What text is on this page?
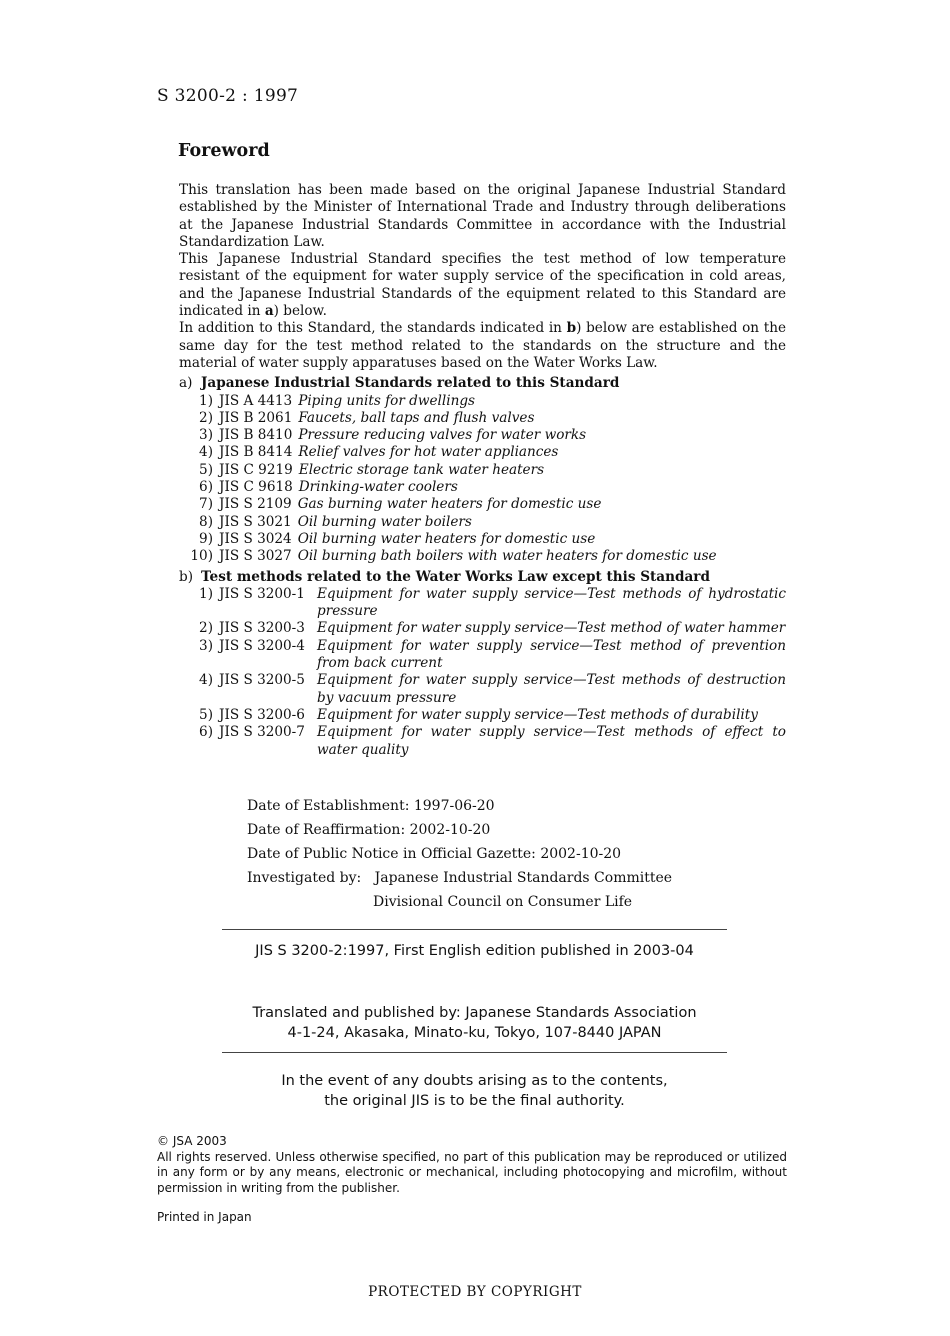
S 3200-2 : 1997
Foreword

This translation has been made based on the original Japanese Industrial Standard established by the Minister of International Trade and Industry through deliberations at the Japanese Industrial Standards Committee in accordance with the Industrial Standardization Law.

This Japanese Industrial Standard specifies the test method of low temperature resistant of the equipment for water supply service of the specification in cold areas, and the Japanese Industrial Standards of the equipment related to this Standard are indicated in a) below.

In addition to this Standard, the standards indicated in b) below are established on the same day for the test method related to the standards on the structure and the material of water supply apparatuses based on the Water Works Law.

a) Japanese Industrial Standards related to this Standard
1) JIS A 4413 Piping units for dwellings
2) JIS B 2061 Faucets, ball taps and flush valves
3) JIS B 8410 Pressure reducing valves for water works
4) JIS B 8414 Relief valves for hot water appliances
5) JIS C 9219 Electric storage tank water heaters
6) JIS C 9618 Drinking-water coolers
7) JIS S 2109 Gas burning water heaters for domestic use
8) JIS S 3021 Oil burning water boilers
9) JIS S 3024 Oil burning water heaters for domestic use
10) JIS S 3027 Oil burning bath boilers with water heaters for domestic use
b) Test methods related to the Water Works Law except this Standard
1) JIS S 3200-1 Equipment for water supply service—Test methods of hydrostatic pressure
2) JIS S 3200-3 Equipment for water supply service—Test method of water hammer
3) JIS S 3200-4 Equipment for water supply service—Test method of prevention from back current
4) JIS S 3200-5 Equipment for water supply service—Test methods of destruction by vacuum pressure
5) JIS S 3200-6 Equipment for water supply service—Test methods of durability
6) JIS S 3200-7 Equipment for water supply service—Test methods of effect to water quality
Date of Establishment: 1997-06-20
Date of Reaffirmation: 2002-10-20
Date of Public Notice in Official Gazette: 2002-10-20
Investigated by: Japanese Industrial Standards Committee
Divisional Council on Consumer Life
JIS S 3200-2:1997, First English edition published in 2003-04
Translated and published by: Japanese Standards Association
4-1-24, Akasaka, Minato-ku, Tokyo, 107-8440 JAPAN
In the event of any doubts arising as to the contents,
the original JIS is to be the final authority.
© JSA 2003
All rights reserved. Unless otherwise specified, no part of this publication may be reproduced or utilized in any form or by any means, electronic or mechanical, including photocopying and microfilm, without permission in writing from the publisher.
Printed in Japan
PROTECTED BY COPYRIGHT
